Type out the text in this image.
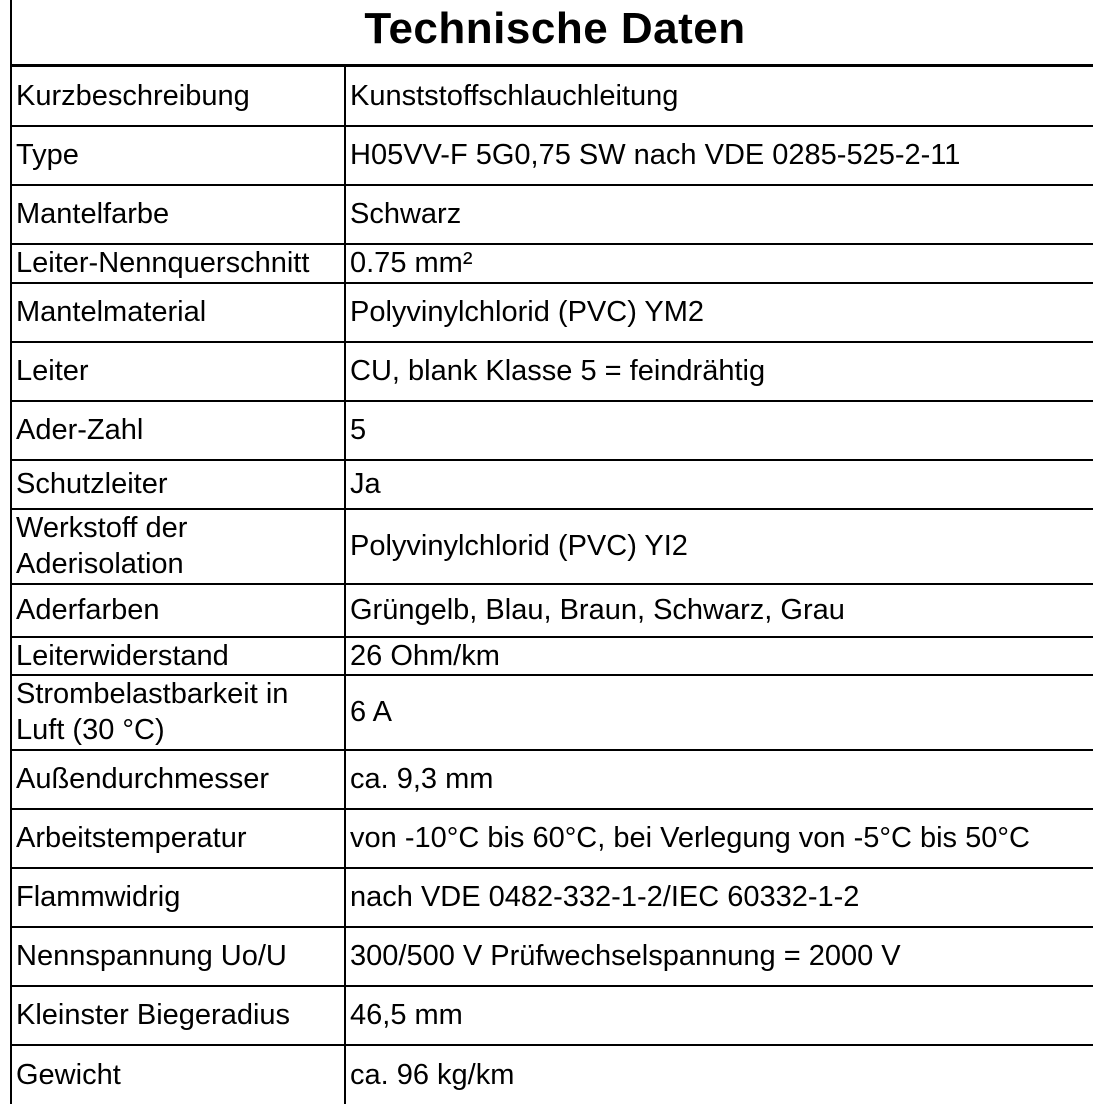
Technische Daten
Kurzbeschreibung	Kunststoffschlauchleitung
Type	H05VV-F 5G0,75 SW nach VDE 0285-525-2-11
Mantelfarbe	Schwarz
Leiter-Nennquerschnitt	0.75 mm²
Mantelmaterial	Polyvinylchlorid (PVC) YM2
Leiter	CU, blank Klasse 5 = feindrähtig
Ader-Zahl	5
Schutzleiter	Ja
Werkstoff der Aderisolation	Polyvinylchlorid (PVC) YI2
Aderfarben	Grüngelb, Blau, Braun, Schwarz, Grau
Leiterwiderstand	26 Ohm/km
Strombelastbarkeit in Luft (30 °C)	6 A
Außendurchmesser	ca. 9,3 mm
Arbeitstemperatur	von -10°C bis 60°C, bei Verlegung von -5°C bis 50°C
Flammwidrig	nach VDE 0482-332-1-2/IEC 60332-1-2
Nennspannung Uo/U	300/500 V Prüfwechselspannung = 2000 V
Kleinster Biegeradius	46,5 mm
Gewicht	ca. 96 kg/km
